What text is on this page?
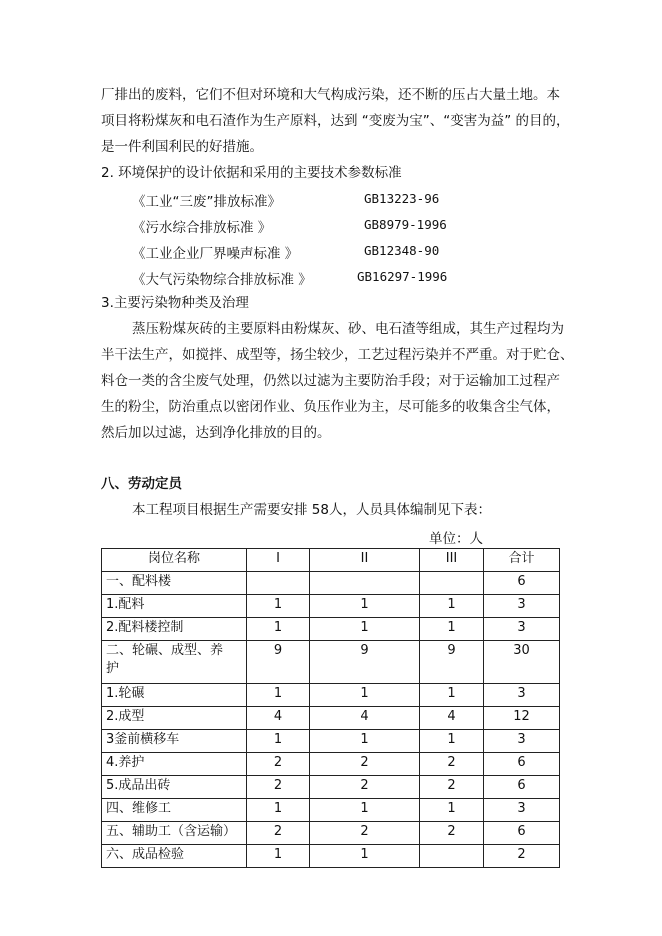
厂排出的废料，它们不但对环境和大气构成污染，还不断的压占大量土地。本
项目将粉煤灰和电石渣作为生产原料，达到 “变废为宝”、“变害为益” 的目的，
是一件利国利民的好措施。
2. 环境保护的设计依据和采用的主要技术参数标准
《工业“三废”排放标准》	GB13223-96
《污水综合排放标准 》	GB8979-1996
《工业企业厂界噪声标准 》	GB12348-90
《大气污染物综合排放标准 》	GB16297-1996
3.主要污染物种类及治理
蒸压粉煤灰砖的主要原料由粉煤灰、砂、电石渣等组成，其生产过程均为
半干法生产，如搅拌、成型等，扬尘较少，工艺过程污染并不严重。对于贮仓、
料仓一类的含尘废气处理，仍然以过滤为主要防治手段；对于运输加工过程产
生的粉尘，防治重点以密闭作业、负压作业为主，尽可能多的收集含尘气体，
然后加以过滤，达到净化排放的目的。
八、劳动定员
本工程项目根据生产需要安排 58人，人员具体编制见下表：
单位：人
岗位名称	I	II	III	合计
一、配料楼				6
1.配料	1	1	1	3
2.配料楼控制	1	1	1	3
二、轮碾、成型、养
护	9	9	9	30
1.轮碾	1	1	1	3
2.成型	4	4	4	12
3釜前横移车	1	1	1	3
4.养护	2	2	2	6
5.成品出砖	2	2	2	6
四、维修工	1	1	1	3
五、辅助工（含运输）	2	2	2	6
六、成品检验	1	1		2
